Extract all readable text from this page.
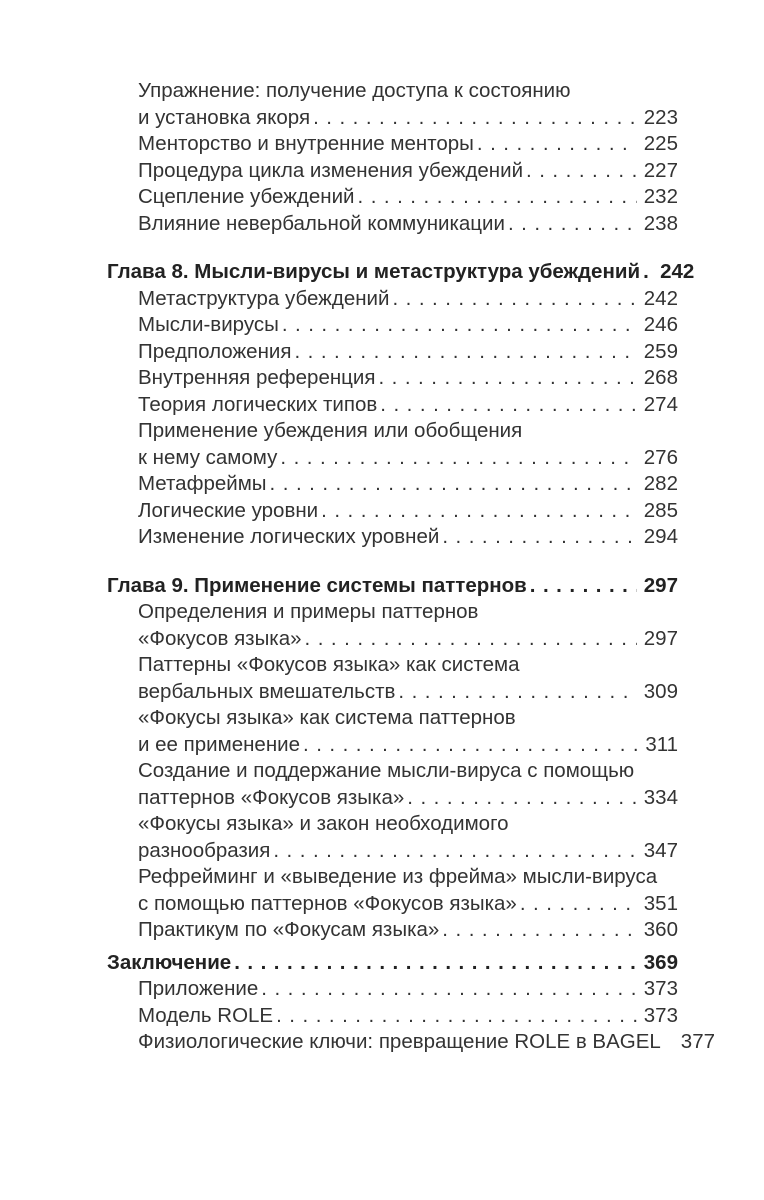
Упражнение: получение доступа к состоянию
и установка якоря .....	223
Менторство и внутренние менторы .....	225
Процедура цикла изменения убеждений .....	227
Сцепление убеждений .....	232
Влияние невербальной коммуникации .....	238
Глава 8. Мысли-вирусы и метаструктура убеждений ..... 242
Метаструктура убеждений .....	242
Мысли-вирусы .....	246
Предположения .....	259
Внутренняя референция .....	268
Теория логических типов .....	274
Применение убеждения или обобщения
к нему самому .....	276
Метафреймы .....	282
Логические уровни .....	285
Изменение логических уровней .....	294
Глава 9. Применение системы паттернов .....	297
Определения и примеры паттернов
«Фокусов языка» .....	297
Паттерны «Фокусов языка» как система
вербальных вмешательств .....	309
«Фокусы языка» как система паттернов
и ее применение .....	311
Создание и поддержание мысли-вируса с помощью
паттернов «Фокусов языка» .....	334
«Фокусы языка» и закон необходимого
разнообразия .....	347
Рефрейминг и «выведение из фрейма» мысли-вируса
с помощью паттернов «Фокусов языка» .....	351
Практикум по «Фокусам языка» .....	360
Заключение .....	369
Приложение .....	373
Модель ROLE .....	373
Физиологические ключи: превращение ROLE в BAGEL 377
